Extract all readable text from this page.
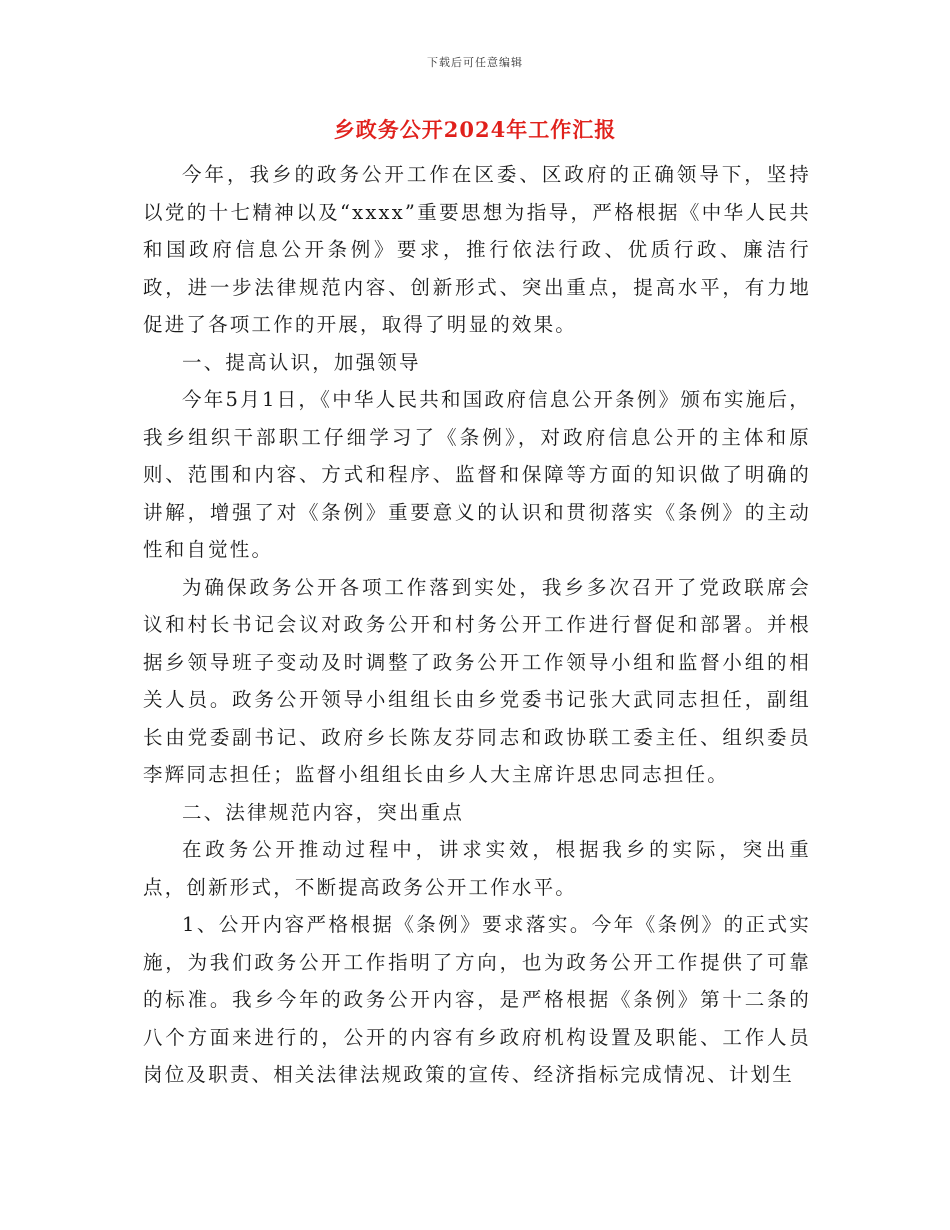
下载后可任意编辑
乡政务公开2024年工作汇报

今年，我乡的政务公开工作在区委、区政府的正确领导下，坚持以党的十七精神以及“xxxx”重要思想为指导，严格根据《中华人民共和国政府信息公开条例》要求，推行依法行政、优质行政、廉洁行政，进一步法律规范内容、创新形式、突出重点，提高水平，有力地促进了各项工作的开展，取得了明显的效果。

一、提高认识，加强领导

今年5月1日，《中华人民共和国政府信息公开条例》颁布实施后，我乡组织干部职工仔细学习了《条例》，对政府信息公开的主体和原则、范围和内容、方式和程序、监督和保障等方面的知识做了明确的讲解，增强了对《条例》重要意义的认识和贯彻落实《条例》的主动性和自觉性。

为确保政务公开各项工作落到实处，我乡多次召开了党政联席会议和村长书记会议对政务公开和村务公开工作进行督促和部署。并根据乡领导班子变动及时调整了政务公开工作领导小组和监督小组的相关人员。政务公开领导小组组长由乡党委书记张大武同志担任，副组长由党委副书记、政府乡长陈友芬同志和政协联工委主任、组织委员李辉同志担任；监督小组组长由乡人大主席许思忠同志担任。

二、法律规范内容，突出重点

在政务公开推动过程中，讲求实效，根据我乡的实际，突出重点，创新形式，不断提高政务公开工作水平。

1、公开内容严格根据《条例》要求落实。今年《条例》的正式实施，为我们政务公开工作指明了方向，也为政务公开工作提供了可靠的标准。我乡今年的政务公开内容，是严格根据《条例》第十二条的八个方面来进行的，公开的内容有乡政府机构设置及职能、工作人员岗位及职责、相关法律法规政策的宣传、经济指标完成情况、计划生
